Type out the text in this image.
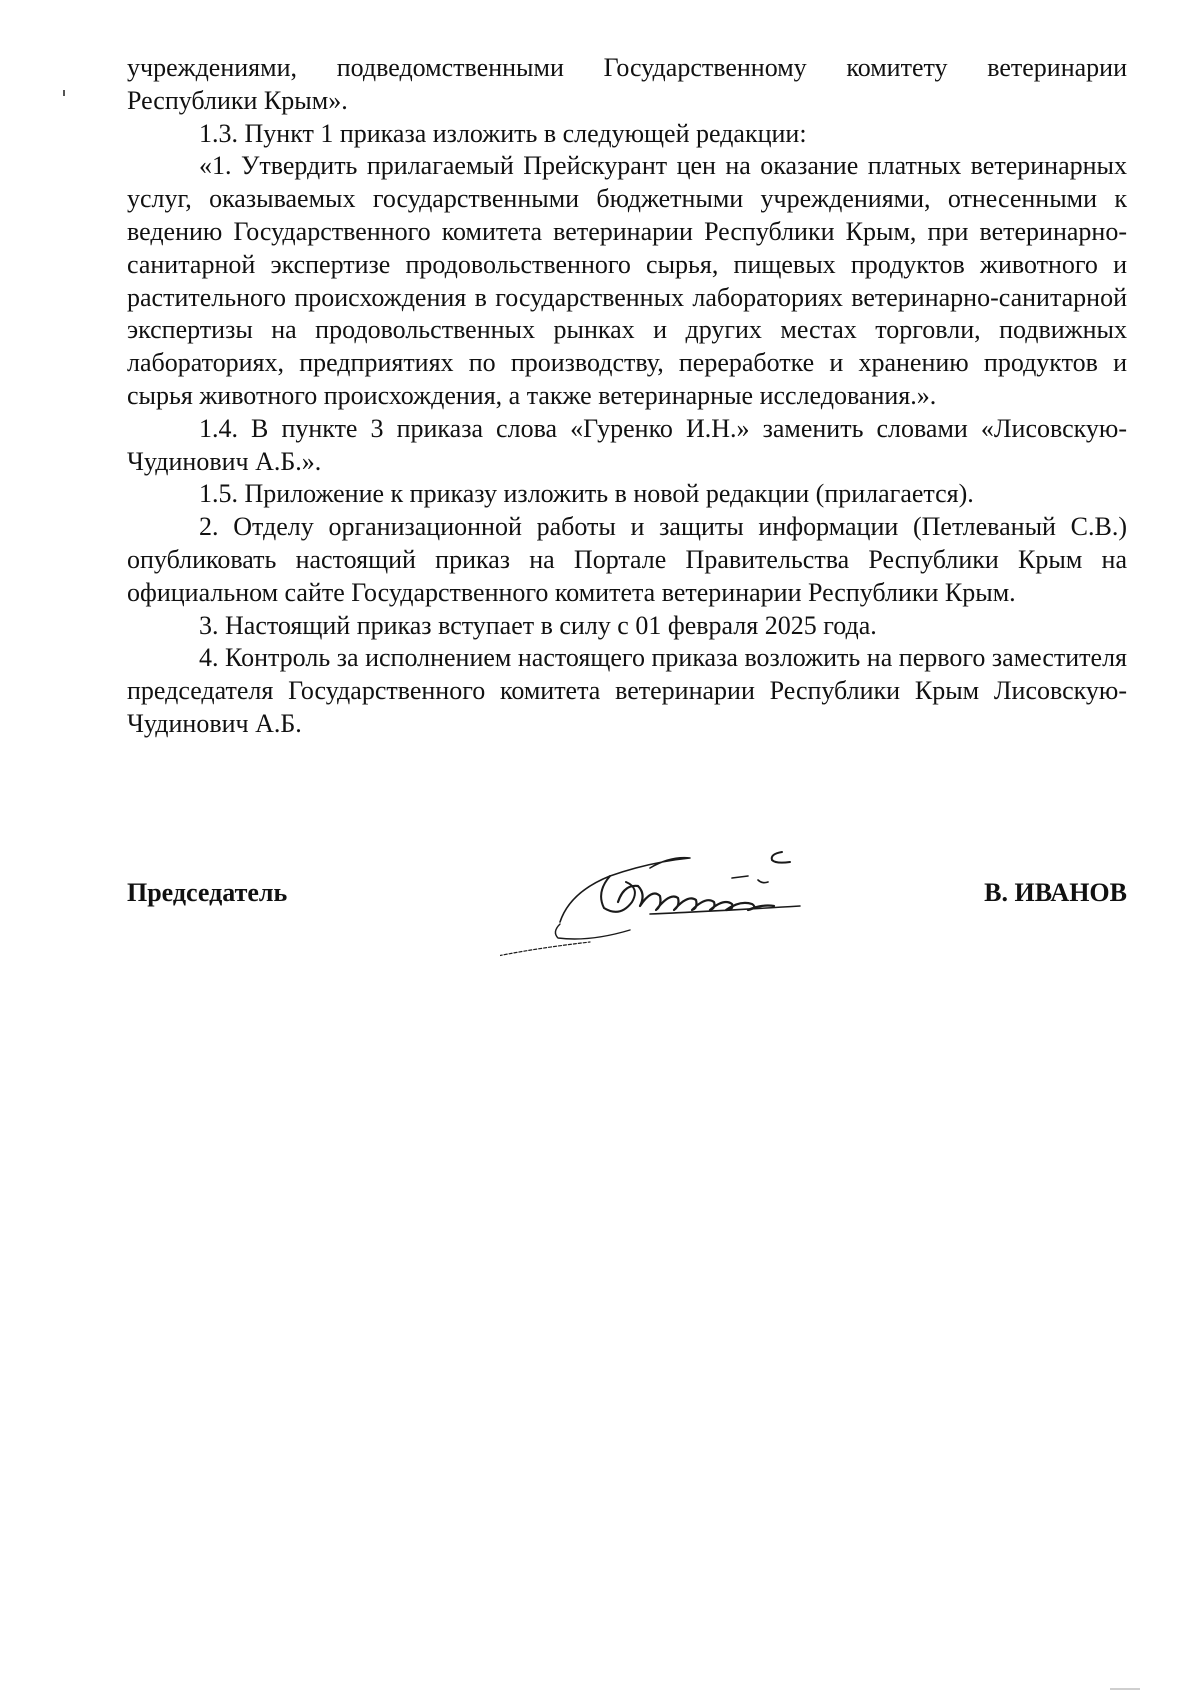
учреждениями, подведомственными Государственному комитету ветеринарии Республики Крым».

1.3. Пункт 1 приказа изложить в следующей редакции:

«1. Утвердить прилагаемый Прейскурант цен на оказание платных ветеринарных услуг, оказываемых государственными бюджетными учреждениями, отнесенными к ведению Государственного комитета ветеринарии Республики Крым, при ветеринарно-санитарной экспертизе продовольственного сырья, пищевых продуктов животного и растительного происхождения в государственных лабораториях ветеринарно-санитарной экспертизы на продовольственных рынках и других местах торговли, подвижных лабораториях, предприятиях по производству, переработке и хранению продуктов и сырья животного происхождения, а также ветеринарные исследования.».

1.4. В пункте 3 приказа слова «Гуренко И.Н.» заменить словами «Лисовскую-Чудинович А.Б.».

1.5. Приложение к приказу изложить в новой редакции (прилагается).

2. Отделу организационной работы и защиты информации (Петлеваный С.В.) опубликовать настоящий приказ на Портале Правительства Республики Крым на официальном сайте Государственного комитета ветеринарии Республики Крым.

3. Настоящий приказ вступает в силу с 01 февраля 2025 года.

4. Контроль за исполнением настоящего приказа возложить на первого заместителя председателя Государственного комитета ветеринарии Республики Крым Лисовскую-Чудинович А.Б.

Председатель	В. ИВАНОВ
